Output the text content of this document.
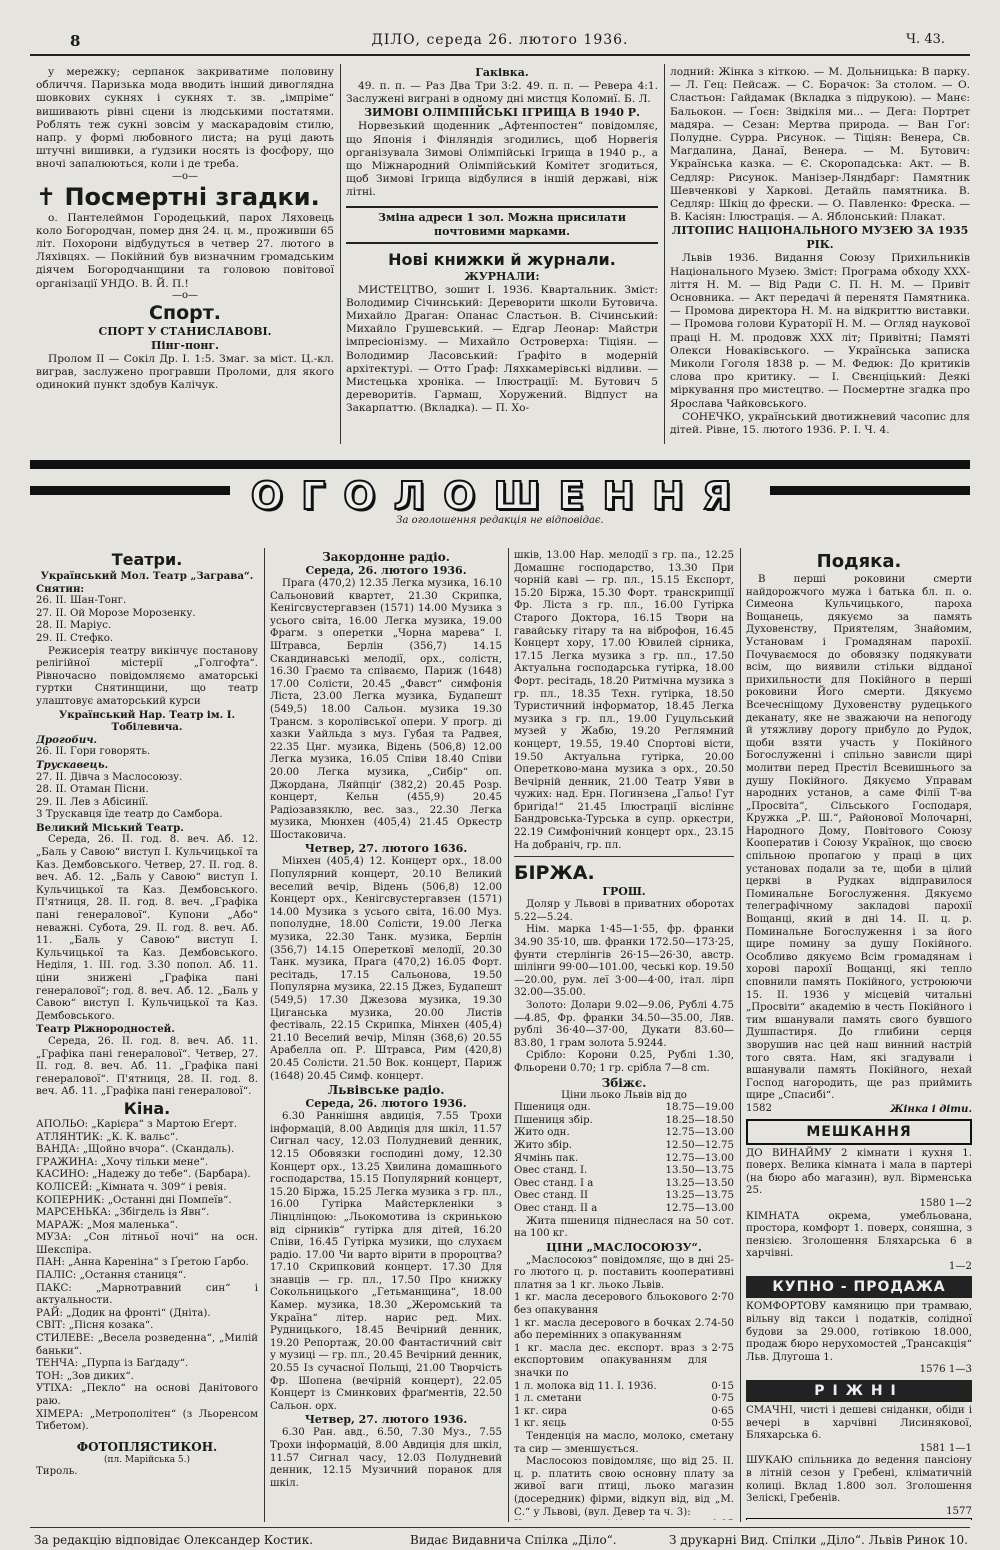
8	ДІЛО, середа 26. лютого 1936.	Ч. 43.

у мережку; серпанок закриватиме половину обличчя. Паризька мода вводить інший дивоглядна шовкових сукнях і сукнях т. зв. „імпріме“ вишивають рівні сцени із людськими постатями. Роблять теж сукні зовсім у маскарадовім стилю, напр. у формі любовного листа; на руці дають штучні вишивки, а ґудзики носять із фосфору, що вночі запалюються, коли і де треба.

—o—
✝ Посмертні згадки.

о. Пантелеймон Городецький, парох Ляховець коло Богородчан, помер дня 24. ц. м., проживши 65 літ. Похорони відбудуться в четвер 27. лютого в Ляхівцях. — Покійний був визначним громадським діячем Богородчанщини та головою повітової організації УНДО. В. Й. П.!

—o—
Спорт.
СПОРТ У СТАНИСЛАВОВІ.
Пінг-понг.

Пролом II — Сокіл Др. І. 1:5. Змаг. за міст. Ц.-кл. виграв, заслужено програвши Проломи, для якого одинокий пункт здобув Калічук.

Гаківка.

49. п. п. — Раз Два Три 3:2. 49. п. п. — Ревера 4:1. Заслужені виграні в одному дні мистця Коломиї. Б. Л.

ЗИМОВІ ОЛІМПІЙСЬКІ ІГРИЩА В 1940 Р.

Норвезький щоденник „Афтенпостен“ повідомляє, що Японія і Фінляндія згодились, щоб Норвегія організувала Зимові Олімпійські Ігрища в 1940 р., а що Міжнародний Олімпійський Комітет згодиться, щоб Зимові Ігрища відбулися в іншій державі, ніж літні.

Зміна адреси 1 зол. Можна присилати почтовими марками.
Нові книжки й журнали.
ЖУРНАЛИ:

МИСТЕЦТВО, зошит І. 1936. Квартальник. Зміст: Володимир Січинський: Дереворити школи Бутовича. Михайло Драган: Опанас Сластьон. В. Січинський: Михайло Грушевський. — Едгар Леонар: Майстри імпресіонізму. — Михайло Островерха: Тіціян. — Володимир Ласовський: Ґрафіто в модерній архітектурі. — Отто Ґраф: Ляхкамерівські відливи. — Мистецька хроніка. — Ілюстрації: М. Бутович 5 дереворитів. Гармаш, Хоружений. Відпуст на Закарпаттю. (Вкладка). — П. Хо-

лодний: Жінка з кіткою. — М. Дольницька: В парку. — Л. Гец: Пейсаж. — С. Борачок: За столом. — О. Сластьон: Гайдамак (Вкладка з підрукою). — Манє: Бальокон. — Ґоєн: Звідкіля ми... — Дега: Портрет мадяра. — Сезан: Мертва природа. — Ван Гоґ: Полудне. Сурра. Рисунок. — Тіціян: Венера, Св. Магдалина, Данаї, Венера. — М. Бутович: Українська казка. — Є. Скоропадська: Акт. — В. Седляр: Рисунок. Манізер-Ляндбарг: Памятник Шевченкові у Харкові. Детайль памятника. В. Седляр: Шкіц до фрески. — О. Павленко: Фреска. — В. Касіян: Ілюстрація. — А. Яблонський: Плакат.

ЛІТОПИС НАЦІОНАЛЬНОГО МУЗЕЮ ЗА 1935 РІК.

Львів 1936. Видання Союзу Прихильників Національного Музею. Зміст: Програма обходу ХХХ-ліття Н. М. — Від Ради С. П. Н. М. — Привіт Основника. — Акт передачі й перенятя Памятника. — Промова директора Н. М. на відкриттю виставки. — Промова голови Кураторії Н. М. — Огляд наукової праці Н. М. продовж ХХХ літ; Привітні; Памяті Олекси Новаківського. — Українська записка Миколи Гоголя 1838 р. — М. Федюк: До критиків слова про критику. — І. Свєнціцький: Деякі міркування про мистецтво. — Посмертне згадка про Ярослава Чайковського.

СОНЕЧКО, український двотижневий часопис для дітей. Рівне, 15. лютого 1936. Р. І. Ч. 4.

ОГОЛОШЕННЯ
За оголошення редакція не відповідає.
Театри.
Український Мол. Театр „Заграва“.
Снятин:
26. II. Шан-Тонг.
27. II. Ой Морозе Морозенку.
28. II. Маріус.
29. II. Стефко.

Режисерія театру викінчує постанову релігійної містерії „Голгофта“. Рівночасно повідомляємо аматорські гуртки Снятинщини, що театр улаштовує аматорський курси

Український Нар. Театр ім. І. Тобілевича.
Дрогобич.
26. II. Гори говорять.
Трускавець.
27. II. Дівча з Маслосоюзу.
28. II. Отаман Пісни.
29. II. Лев з Абісинії.
3 Трускавця їде театр до Самбора.
Великий Міський Театр.

Середа, 26. II. год. 8. веч. Аб. 12. „Баль у Савою“ виступ І. Кульчицької та Каз. Дембовського. Четвер, 27. II. год. 8. веч. Аб. 12. „Баль у Савою“ виступ І. Кульчицької та Каз. Дембовського. П'ятниця, 28. II. год. 8. веч. „Графіка пані генералової“. Купони „Або“ неважні. Субота, 29. II. год. 8. веч. Аб. 11. „Баль у Савою“ виступ І. Кульчицької та Каз. Дембовського. Неділя, 1. III. год. 3.30 попол. Аб. 11. ціни знижені „Графіка пані генералової“; год. 8. веч. Аб. 12. „Баль у Савою“ виступ І. Кульчицької та Каз. Дембовського.

Театр Ріжнородностей.

Середа, 26. II. год. 8. веч. Аб. 11. „Графіка пані генералової“. Четвер, 27. II. год. 8. веч. Аб. 11. „Графіка пані генералової“. П'ятниця, 28. II. год. 8. веч. Аб. 11. „Графіка пані генералової“.

Кіна.
АПОЛЬО: „Карієра“ з Мартою Еґерт.
АТЛЯНТИК: „К. К. вальс“.
ВАНДА: „Щойно вчора“. (Скандаль).
ГРАЖИНА: „Хочу тільки мене“.
КАСИНО: „Надежу до тебе“. (Барбара).
КОЛІСЕЙ: „Кімната ч. 309“ і ревія.
КОПЕРНИК: „Останні дні Помпеїв“.
МАРСЕНЬКА: „Збігдель із Явн“.
МАРАЖ: „Моя маленька“.
МУЗА: „Сон літньої ночі“ на осн. Шекспіра.
ПАН: „Анна Кареніна“ з Ґретою Ґарбо.
ПАЛІС: „Остання станиця“.
ПАКС: „Марнотравний син“ і актуальности.
РАЙ: „Додик на фронті“ (Дніта).
СВІТ: „Пісня козака“.
СТИЛЕВЕ: „Весела розведенна“, „Милій баньки“.
ТЕНЧА: „Пурпа із Баґдаду“.
ТОН: „Зов диких“.
УТІХА: „Пекло“ на основі Данітового раю.
ХІМЕРА: „Метрополітен“ (з Льоренсом Тибетом).
ФОТОПЛЯСТИКОН.
(пл. Марійська 5.)
Тироль.
Закордонне радіо.
Середа, 26. лютого 1936.

Прага (470,2) 12.35 Легка музика, 16.10 Сальоновий квартет, 21.30 Скрипка, Кенігсвустергавзен (1571) 14.00 Музика з усього світа, 16.00 Легка музика, 19.00 Фрагм. з оперетки „Чорна марева“ І. Штравса, Берлін (356,7) 14.15 Скандинавські мелодії, орх., солістн, 16.30 Граємо та співаємо, Париж (1648) 17.00 Солісти, 20.45 „Фавст“ симфонія Ліста, 23.00 Легка музика, Будапешт (549,5) 18.00 Сальон. музика 19.30 Трансм. з королівської опери. У прогр. ді хазки Уайльда з муз. Губая та Радвея, 22.35 Цнг. музика, Відень (506,8) 12.00 Легка музика, 16.05 Співи 18.40 Співи 20.00 Легка музика, „Сибір“ оп. Джордана, Ляйпціґ (382,2) 20.45 Розр. концерт, Кельн (455,9) 20.45 Радіозавзяклю, вес. заз., 22.30 Легка музика, Мюнхен (405,4) 21.45 Оркестр Шостаковича.

Четвер, 27. лютого 1636.

Мінхен (405,4) 12. Концерт орх., 18.00 Популярний концерт, 20.10 Великий веселий вечір, Відень (506,8) 12.00 Концерт орх., Кенігсвустергавзен (1571) 14.00 Музика з усього світа, 16.00 Муз. пополудне, 18.00 Солісти, 19.00 Легка музика, 22.30 Танк. музика, Берлін (356,7) 14.15 Оперетковї мелодії, 20.30 Танк. музика, Прага (470,2) 16.05 Форт. ресітадь, 17.15 Сальонова, 19.50 Популярна музика, 22.15 Джез, Будапешт (549,5) 17.30 Джезова музика, 19.30 Циганська музика, 20.00 Листів фестіваль, 22.15 Скрипка, Мінхен (405,4) 21.10 Веселий вечір, Мілян (368,6) 20.55 Арабелла оп. Р. Штравса, Рим (420,8) 20.45 Солісти. 21.50 Вок. концерт, Париж (1648) 20.45 Симф. концерт.

Львівське радіо.
Середа, 26. лютого 1936.

6.30 Раннішня авдиція, 7.55 Трохи інформацій, 8.00 Авдиція для шкіл, 11.57 Сигнал часу, 12.03 Полудневий денник, 12.15 Обовязки господині дому, 12.30 Концерт орх., 13.25 Хвилина домашнього господарства, 15.15 Популярний концерт, 15.20 Біржа, 15.25 Легка музика з гр. пл., 16.00 Гутірка Майстеркленіки з Лінцлінцою: „Льокомотива із скринькою від сірників“ гутірка для дітей, 16.20 Співи, 16.45 Гутірка музики, що слухаєм радіо. 17.00 Чи варто вірити в пророцтва? 17.10 Скрипковий концерт. 17.30 Для знавців — гр. пл., 17.50 Про книжку Сокольницького „Гетьманщина“, 18.00 Камер. музика, 18.30 „Жеромський та Україна“ літер. нарис ред. Мих. Рудницького, 18.45 Вечірний денник, 19.20 Репортаж, 20.00 Фантастичний світ у музиці — гр. пл., 20.45 Вечірний денник, 20.55 Із сучасної Польщі, 21.00 Творчість Фр. Шопена (вечірній концерт), 22.05 Концерт із Сминкових фраґментів, 22.50 Сальон. орх.

Четвер, 27. лютого 1936.

6.30 Ран. авд., 6.50, 7.30 Муз., 7.55 Трохи інформацій, 8.00 Авдиція для шкіл, 11.57 Сигнал часу, 12.03 Полудневий денник, 12.15 Музичний поранок для шкіл.

шків, 13.00 Нар. мелодії з гр. па., 12.25 Домашнє господарство, 13.30 При чорній каві — гр. пл., 15.15 Експорт, 15.20 Біржа, 15.30 Форт. транскрипції Фр. Ліста з гр. пл., 16.00 Гутірка Старого Доктора, 16.15 Твори на гавайську гітару та на віброфон, 16.45 Концерт хору, 17.00 Ювилей сірника, 17.15 Легка музика з гр. пл., 17.50 Актуальна господарська гутірка, 18.00 Форт. ресітадь, 18.20 Ритмічна музика з гр. пл., 18.35 Техн. гутірка, 18.50 Туристичний інформатор, 18.45 Легка музика з гр. пл., 19.00 Гуцульський музей у Жабю, 19.20 Реглямний концерт, 19.55, 19.40 Спортові вісти, 19.50 Актуальна гутірка, 20.00 Оперетково-мана музика з орх., 20.50 Вечірній денник, 21.00 Театр Уяви в чужих: над. Ерн. Погинзена „Гальо! Гут бригіда!“ 21.45 Ілюстрації вісліннє Бандровська-Турська в супр. оркестри, 22.19 Симфонічний концерт орх., 23.15 На добраніч, гр. пл.

БІРЖА.
ГРОШ.

Доляр у Львові в приватних оборотах 5.22—5.24.

Нім. марка 1·45—1·55, фр. франки 34.90 35·10, шв. франки 172.50—173·25, фунти стерлінгів 26·15—26·30, австр. шілінги 99·00—101.00, чеські кор. 19.50—20.00, рум. леї 3·00—4·00, італ. лірп 32.00—35.00.

Золото: Долари 9.02—9.06, Рублі 4.75—4.85, Фр. франки 34.50—35.00, Ляв. рублі 36·40—37·00, Дукати 83.60—83.80, 1 грам золота 5.9244.

Срібло: Корони 0.25, Рублі 1.30, Фльорени 0.70; 1 гр. срібла 7—8 cm.

Збіжє.
Ціни льоко Львів від до
Пшениця одн.	18.75—19.00
Пшениця збір.	18.25—18.50
Жито одн.	12.75—13.00
Жито збір.	12.50—12.75
Ячмінь пак.	12.75—13.00
Овес станд. І.	13.50—13.75
Овес станд. І а	13.25—13.50
Овес станд. ІІ	13.25—13.75
Овес станд. ІІ а	12.75—13.00

Жита пшениця піднеслася на 50 сот. на 100 кг.

ЦІНИ „МАСЛОСОЮЗУ“.

„Маслосоюз“ повідомляє, що в дні 25-го лютого ц. р. поставить кооперативні платня за 1 кг. льоко Львів.

1 кг. масла десерового бльокового без опакування
2·70
1 кг. масла десерового в бочках або перемінних з опакуванням
2.74-50
1 кг. масла дес. експорт. враз з експортовим опакуванням для значки по
2·75
1 л. молока від 11. І. 1936.	0·15
1 л. сметани	0·75
1 кг. сира	0·65
1 кг. яєць	0·55

Тенденція на масло, молоко, сметану та сир — зменшується.

Маслосоюз повідомляє, що від 25. II. ц. р. платить свою основну плату за живої ваги птиці, льоко магазин (досередник) фірми, відкуп від, від „М. С.“ у Львові, (вул. Девер та ч. 3):

Подяка.

В перші роковини смерти найдорожчого мужа і батька бл. п. о. Симеона Кульчицького, пароха Вощанець, дякуємо за память Духовенству, Приятелям, Знайомим, Установам і Громадянам парохії. Почуваємося до обовязку подякувати всім, що виявили стільки відданої прихильности для Покійного в перші роковини Його смерти. Дякуємо Всечесніщому Духовенству рудецького деканату, яке не зважаючи на непогоду й утяжливу дорогу прибуло до Рудок, щоби взяти участь у Покійного Богослуженні і спільно зависли щирі молитви перед Престіл Всевишнього за душу Покійного. Дякуємо Управам народних установ, а саме Філії Т-ва „Просвіта“, Сільського Господаря, Кружка „Р. Ш.“, Районової Молочарні, Народного Дому, Повітового Союзу Кооператив і Союзу Українок, що своєю спільною пропагою у праці в цих установах подали за те, щоби в цілий церкві в Рудках відправилося Поминальне Богослуження. Дякуємо телеграфічному закладові парохії Вощанці, який в дні 14. II. ц. р. Поминальне Богослуження і за його щире помину за душу Покійного. Особливо дякуємо Всім громадянам і хорові парохії Вощанці, які тепло сповнили память Покійного, устроюючи 15. II. 1936 у місцевій читальні „Просвіти“ академію в честь Покійного і тим вшанували память свого бувшого Душпастиря. До глибини серця зворушив нас цей наш винний настрій того свята. Нам, які згадували і вшанували память Покійного, нехай Господ нагородить, ще раз приймить щире „Спасибі“.

1582	Жінка і діти.
МЕШКАННЯ

ДО ВИНАЙМУ 2 кімнати і кухня 1. поверх. Велика кімната і мала в партері (на бюро або магазин), вул. Вірменська 25.

1580 1—2

КІМНАТА окрема, умебльована, простора, комфорт 1. поверх, соняшна, з пензією. Зголошення Бляхарська 6 в харчівні.

1—2
КУПНО - ПРОДАЖА

КОМФОРТОВУ камяницю при трамваю, вільну від такси і податків, солідної будови за 29.000, готівкою 18.000, продаж бюро нерухомостей „Трансакція“ Льв. Длугоша 1.

1576 1—3
РІЖНІ

СМАЧНІ, чисті і дешеві сніданки, обіди і вечері в харчівні Лисинякової, Бляхарська 6.

1581 1—1

ШУКАЮ спільника до ведення пансіону в літній сезон у Гребені, кліматичній колиці. Вклад 1.800 зол. Зголошення Зеліскі, Гребенів.

1577
За редакцію відповідає Олександер Костик.	Видає Видавнича Спілка „Діло“.	З друкарні Вид. Спілки „Діло“. Львів Ринок 10.
